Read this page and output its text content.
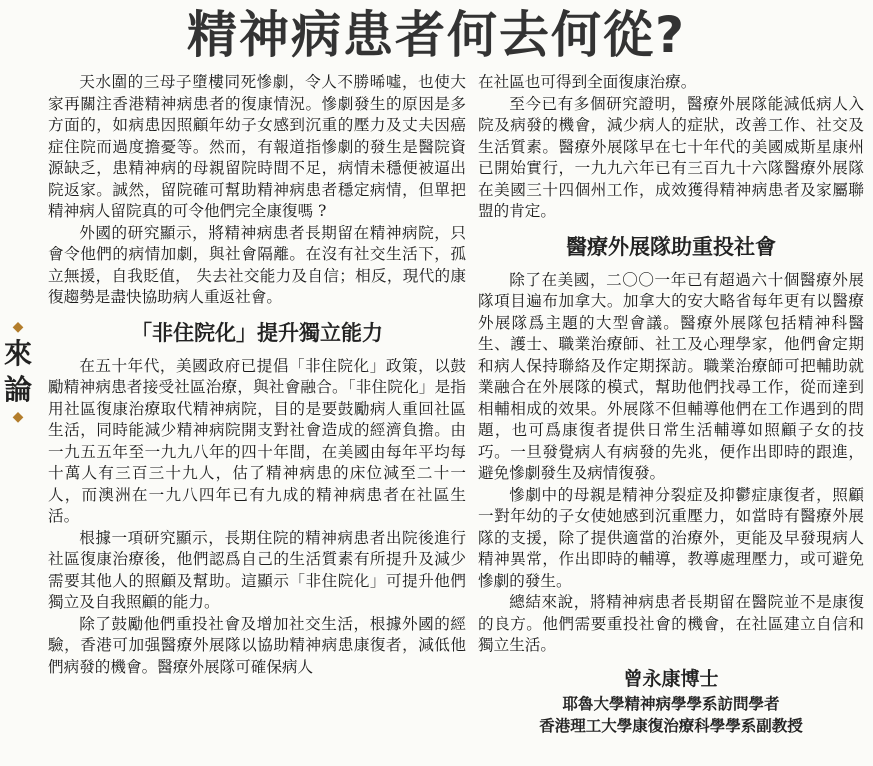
精神病患者何去何從?
◆
來論
◆

天水圍的三母子墮樓同死慘劇，令人不勝晞噓，也使大家再關注香港精神病患者的復康情況。慘劇發生的原因是多方面的，如病患因照顧年幼子女感到沉重的壓力及丈夫因癌症住院而過度擔憂等。然而，有報道指慘劇的發生是醫院資源缺乏，患精神病的母親留院時間不足，病情未穩便被逼出院返家。誠然，留院確可幫助精神病患者穩定病情，但單把精神病人留院真的可令他們完全康復嗎 ?

外國的研究顯示，將精神病患者長期留在精神病院，只會令他們的病情加劇，與社會隔離。在沒有社交生活下，孤立無援，自我貶值， 失去社交能力及自信；相反，現代的康復趨勢是盡快協助病人重返社會。

「非住院化」提升獨立能力

在五十年代，美國政府已提倡「非住院化」政策，以鼓勵精神病患者接受社區治療，與社會融合。「非住院化」是指用社區復康治療取代精神病院，目的是要鼓勵病人重回社區生活，同時能減少精神病院開支對社會造成的經濟負擔。由一九五五年至一九九八年的四十年間，在美國由每年平均每十萬人有三百三十九人，估了精神病患的床位減至二十一人，而澳洲在一九八四年已有九成的精神病患者在社區生活。

根據一項研究顯示，長期住院的精神病患者出院後進行社區復康治療後，他們認爲自己的生活質素有所提升及減少需要其他人的照顧及幫助。這顯示「非住院化」可提升他們獨立及自我照顧的能力。

除了鼓勵他們重投社會及增加社交生活，根據外國的經驗，香港可加强醫療外展隊以協助精神病患康復者，減低他們病發的機會。醫療外展隊可確保病人

在社區也可得到全面復康治療。

至今已有多個研究證明，醫療外展隊能減低病人入院及病發的機會，減少病人的症狀，改善工作、社交及生活質素。醫療外展隊早在七十年代的美國威斯星康州已開始實行，一九九六年已有三百九十六隊醫療外展隊在美國三十四個州工作，成效獲得精神病患者及家屬聯盟的肯定。

醫療外展隊助重投社會

除了在美國，二〇〇一年已有超過六十個醫療外展隊項目遍布加拿大。加拿大的安大略省每年更有以醫療外展隊爲主題的大型會議。醫療外展隊包括精神科醫生、護士、職業治療師、社工及心理學家，他們會定期和病人保持聯絡及作定期探訪。職業治療師可把輔助就業融合在外展隊的模式，幫助他們找尋工作，從而達到相輔相成的效果。外展隊不但輔導他們在工作遇到的問題，也可爲康復者提供日常生活輔導如照顧子女的技巧。一旦發覺病人有病發的先兆，便作出即時的跟進，避免慘劇發生及病情復發。

慘劇中的母親是精神分裂症及抑鬱症康復者，照顧一對年幼的子女使她感到沉重壓力，如當時有醫療外展隊的支援，除了提供適當的治療外，更能及早發現病人精神異常，作出即時的輔導，教導處理壓力，或可避免慘劇的發生。

總結來說，將精神病患者長期留在醫院並不是康復的良方。他們需要重投社會的機會，在社區建立自信和獨立生活。

曾永康博士
耶魯大學精神病學學系訪問學者
香港理工大學康復治療科學學系副教授
